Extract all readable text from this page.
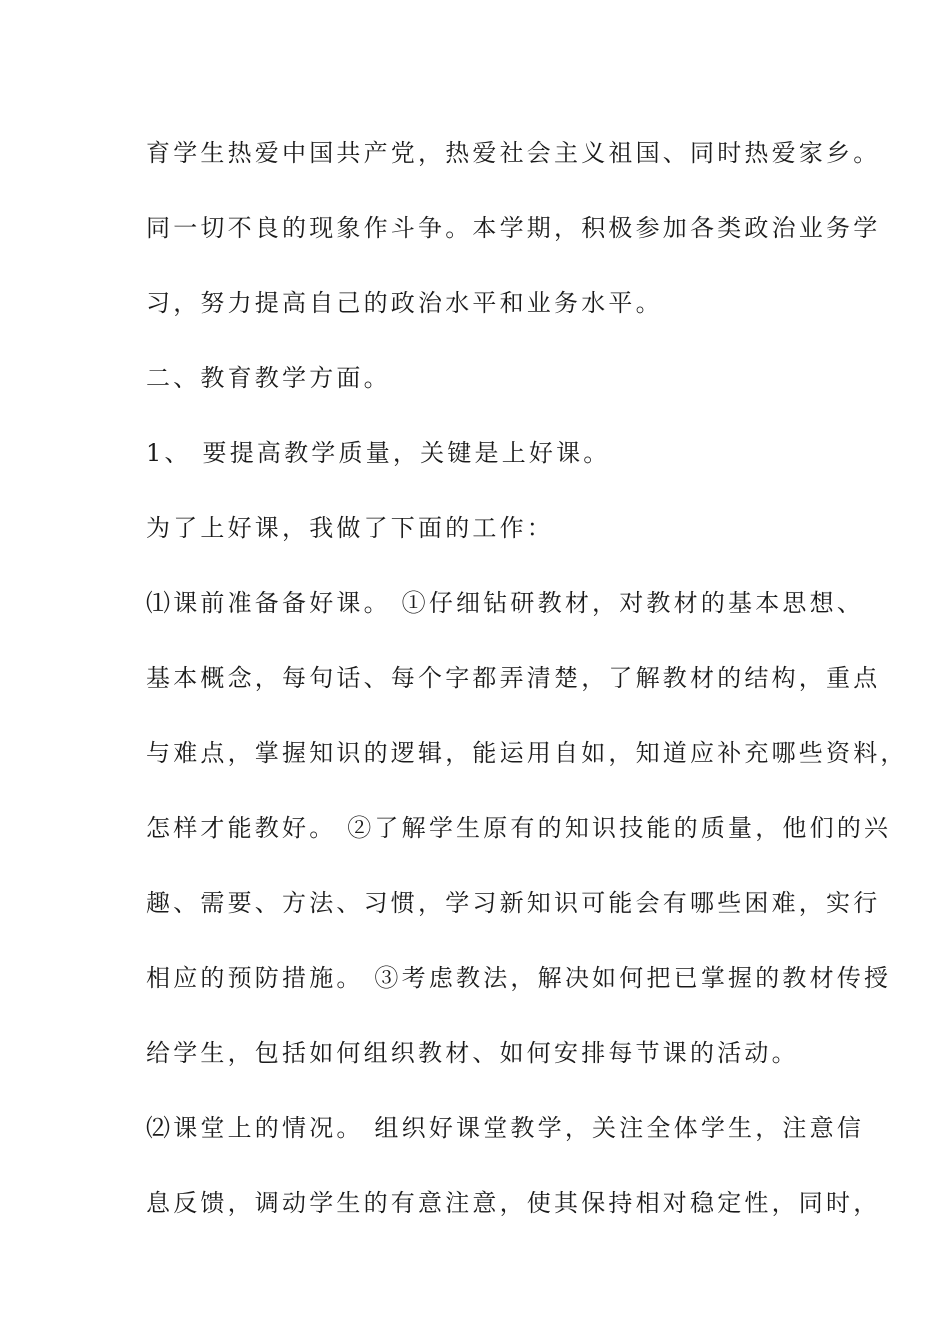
育学生热爱中国共产党，热爱社会主义祖国、同时热爱家乡。
同一切不良的现象作斗争。本学期，积极参加各类政治业务学
习，努力提高自己的政治水平和业务水平。
二、教育教学方面。
1、 要提高教学质量，关键是上好课。
为了上好课，我做了下面的工作：
⑴课前准备备好课。 ①仔细钻研教材，对教材的基本思想、
基本概念，每句话、每个字都弄清楚，了解教材的结构，重点
与难点，掌握知识的逻辑，能运用自如，知道应补充哪些资料，
怎样才能教好。 ②了解学生原有的知识技能的质量，他们的兴
趣、需要、方法、习惯，学习新知识可能会有哪些困难，实行
相应的预防措施。 ③考虑教法，解决如何把已掌握的教材传授
给学生，包括如何组织教材、如何安排每节课的活动。
⑵课堂上的情况。 组织好课堂教学，关注全体学生，注意信
息反馈，调动学生的有意注意，使其保持相对稳定性，同时，
